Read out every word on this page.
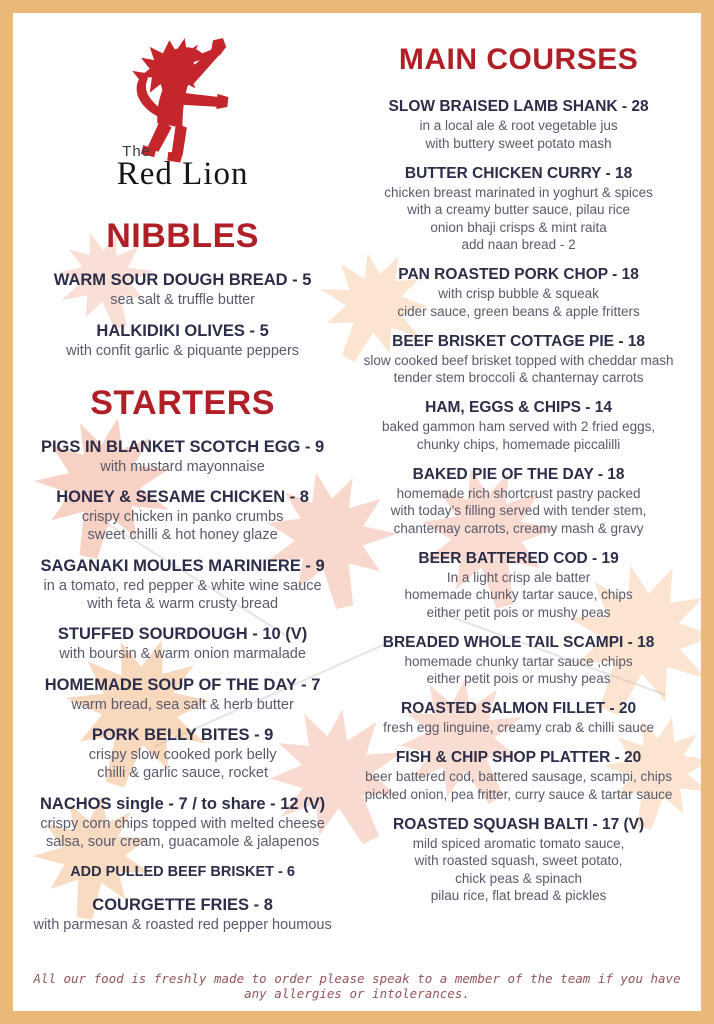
The
Red Lion
NIBBLES
WARM SOUR DOUGH BREAD - 5
sea salt & truffle butter
HALKIDIKI OLIVES - 5
with confit garlic & piquante peppers
STARTERS
PIGS IN BLANKET SCOTCH EGG - 9
with mustard mayonnaise
HONEY & SESAME CHICKEN - 8
crispy chicken in panko crumbs
sweet chilli & hot honey glaze
SAGANAKI MOULES MARINIERE - 9
in a tomato, red pepper & white wine sauce
with feta & warm crusty bread
STUFFED SOURDOUGH - 10 (V)
with boursin & warm onion marmalade
HOMEMADE SOUP OF THE DAY - 7
warm bread, sea salt & herb butter
PORK BELLY BITES - 9
crispy slow cooked pork belly
chilli & garlic sauce, rocket
NACHOS single - 7 / to share - 12 (V)
crispy corn chips topped with melted cheese
salsa, sour cream, guacamole & jalapenos
ADD PULLED BEEF BRISKET - 6
COURGETTE FRIES - 8
with parmesan & roasted red pepper houmous
MAIN COURSES
SLOW BRAISED LAMB SHANK - 28
in a local ale & root vegetable jus
with buttery sweet potato mash
BUTTER CHICKEN CURRY - 18
chicken breast marinated in yoghurt & spices
with a creamy butter sauce, pilau rice
onion bhaji crisps & mint raita
add naan bread - 2
PAN ROASTED PORK CHOP - 18
with crisp bubble & squeak
cider sauce, green beans & apple fritters
BEEF BRISKET COTTAGE PIE - 18
slow cooked beef brisket topped with cheddar mash
tender stem broccoli & chanternay carrots
HAM, EGGS & CHIPS - 14
baked gammon ham served with 2 fried eggs,
chunky chips, homemade piccalilli
BAKED PIE OF THE DAY - 18
homemade rich shortcrust pastry packed
with today’s filling served with tender stem,
chanternay carrots, creamy mash & gravy
BEER BATTERED COD - 19
In a light crisp ale batter
homemade chunky tartar sauce, chips
either petit pois or mushy peas
BREADED WHOLE TAIL SCAMPI - 18
homemade chunky tartar sauce ,chips
either petit pois or mushy peas
ROASTED SALMON FILLET - 20
fresh egg linguine, creamy crab & chilli sauce
FISH & CHIP SHOP PLATTER - 20
beer battered cod, battered sausage, scampi, chips
pickled onion, pea fritter, curry sauce & tartar sauce
ROASTED SQUASH BALTI - 17 (V)
mild spiced aromatic tomato sauce,
with roasted squash, sweet potato,
chick peas & spinach
pilau rice, flat bread & pickles
All our food is freshly made to order please speak to a member of the team if you have
any allergies or intolerances.
